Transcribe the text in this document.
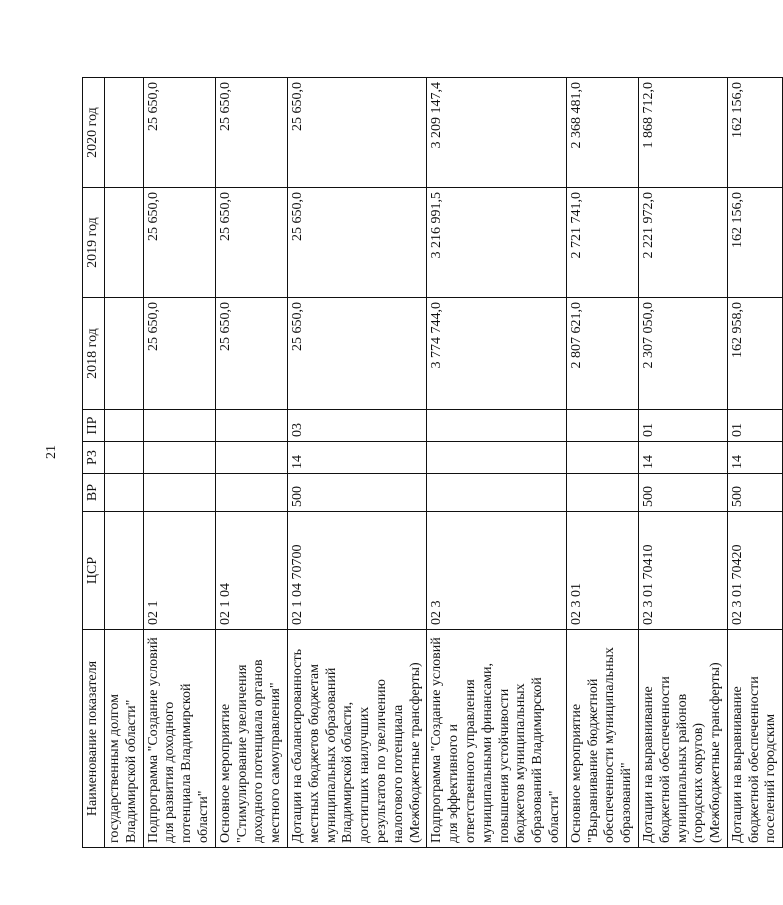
21
Наименование показателя	ЦСР	ВР	РЗ	ПР	2018 год	2019 год	2020 год
государственным долгом Владимирской области"							
Подпрограмма "Создание условий для развития доходного потенциала Владимирской области"	02 1				25 650,0	25 650,0	25 650,0
Основное мероприятие "Стимулирование увеличения доходного потенциала органов местного самоуправления"	02 1 04				25 650,0	25 650,0	25 650,0
Дотации на сбалансированность местных бюджетов бюджетам муниципальных образований Владимирской области, достигших наилучших результатов по увеличению налогового потенциала (Межбюджетные трансферты)	02 1 04 70700	500	14	03	25 650,0	25 650,0	25 650,0
Подпрограмма "Создание условий для эффективного и ответственного управления муниципальными финансами, повышения устойчивости бюджетов муниципальных образований Владимирской области"	02 3				3 774 744,0	3 216 991,5	3 209 147,4
Основное мероприятие "Выравнивание бюджетной обеспеченности муниципальных образований"	02 3 01				2 807 621,0	2 721 741,0	2 368 481,0
Дотации на выравнивание бюджетной обеспеченности муниципальных районов (городских округов) (Межбюджетные трансферты)	02 3 01 70410	500	14	01	2 307 050,0	2 221 972,0	1 868 712,0
Дотации на выравнивание бюджетной обеспеченности поселений городским	02 3 01 70420	500	14	01	162 958,0	162 156,0	162 156,0
